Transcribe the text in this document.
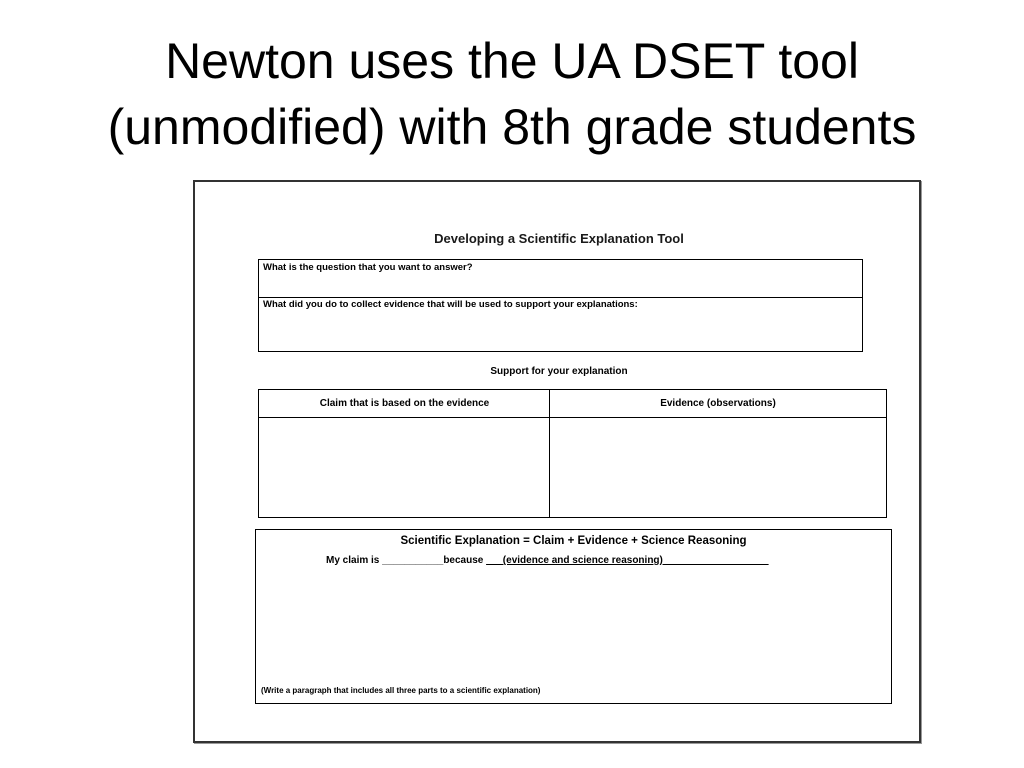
Newton uses the UA DSET tool
(unmodified) with 8th grade students
Developing a Scientific Explanation Tool
What is the question that you want to answer?
What did you do to collect evidence that will be used to support your explanations:
Support for your explanation
Claim that is based on the evidence	Evidence (observations)
Scientific Explanation = Claim + Evidence + Science Reasoning
My claim is ___________because ___(evidence and science reasoning)___________________
(Write a paragraph that includes all three parts to a scientific explanation)
